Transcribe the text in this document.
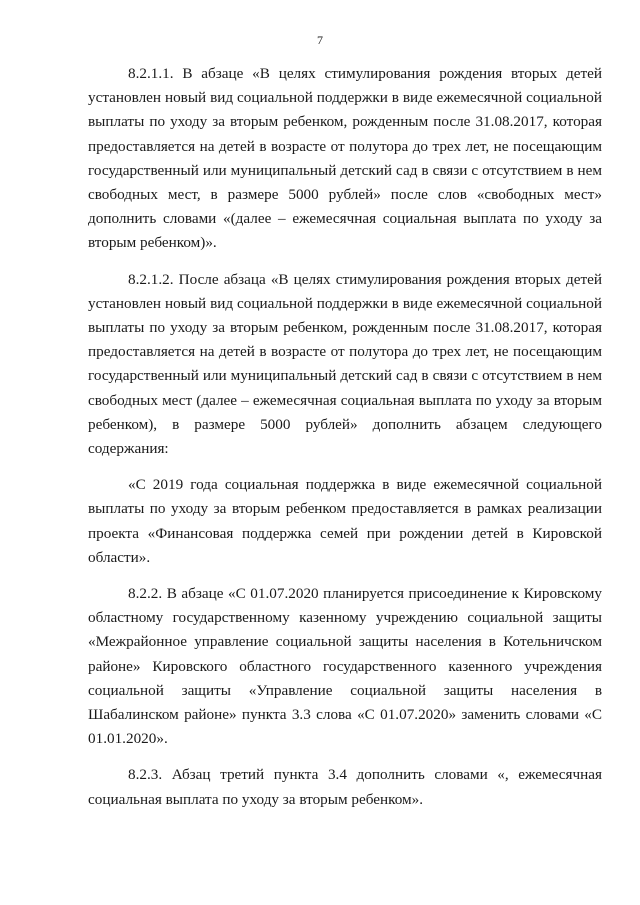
7

8.2.1.1. В абзаце «В целях стимулирования рождения вторых детей установлен новый вид социальной поддержки в виде ежемесячной социальной выплаты по уходу за вторым ребенком, рожденным после 31.08.2017, которая предоставляется на детей в возрасте от полутора до трех лет, не посещающим государственный или муниципальный детский сад в связи с отсутствием в нем свободных мест, в размере 5000 рублей» после слов «свободных мест» дополнить словами «(далее – ежемесячная социальная выплата по уходу за вторым ребенком)».

8.2.1.2. После абзаца «В целях стимулирования рождения вторых детей установлен новый вид социальной поддержки в виде ежемесячной социальной выплаты по уходу за вторым ребенком, рожденным после 31.08.2017, которая предоставляется на детей в возрасте от полутора до трех лет, не посещающим государственный или муниципальный детский сад в связи с отсутствием в нем свободных мест (далее – ежемесячная социальная выплата по уходу за вторым ребенком), в размере 5000 рублей» дополнить абзацем следующего содержания:

«С 2019 года социальная поддержка в виде ежемесячной социальной выплаты по уходу за вторым ребенком предоставляется в рамках реализации проекта «Финансовая поддержка семей при рождении детей в Кировской области».

8.2.2. В абзаце «С 01.07.2020 планируется присоединение к Кировскому областному государственному казенному учреждению социальной защиты «Межрайонное управление социальной защиты населения в Котельничском районе» Кировского областного государственного казенного учреждения социальной защиты «Управление социальной защиты населения в Шабалинском районе» пункта 3.3 слова «С 01.07.2020» заменить словами «С 01.01.2020».

8.2.3. Абзац третий пункта 3.4 дополнить словами «, ежемесячная социальная выплата по уходу за вторым ребенком».
